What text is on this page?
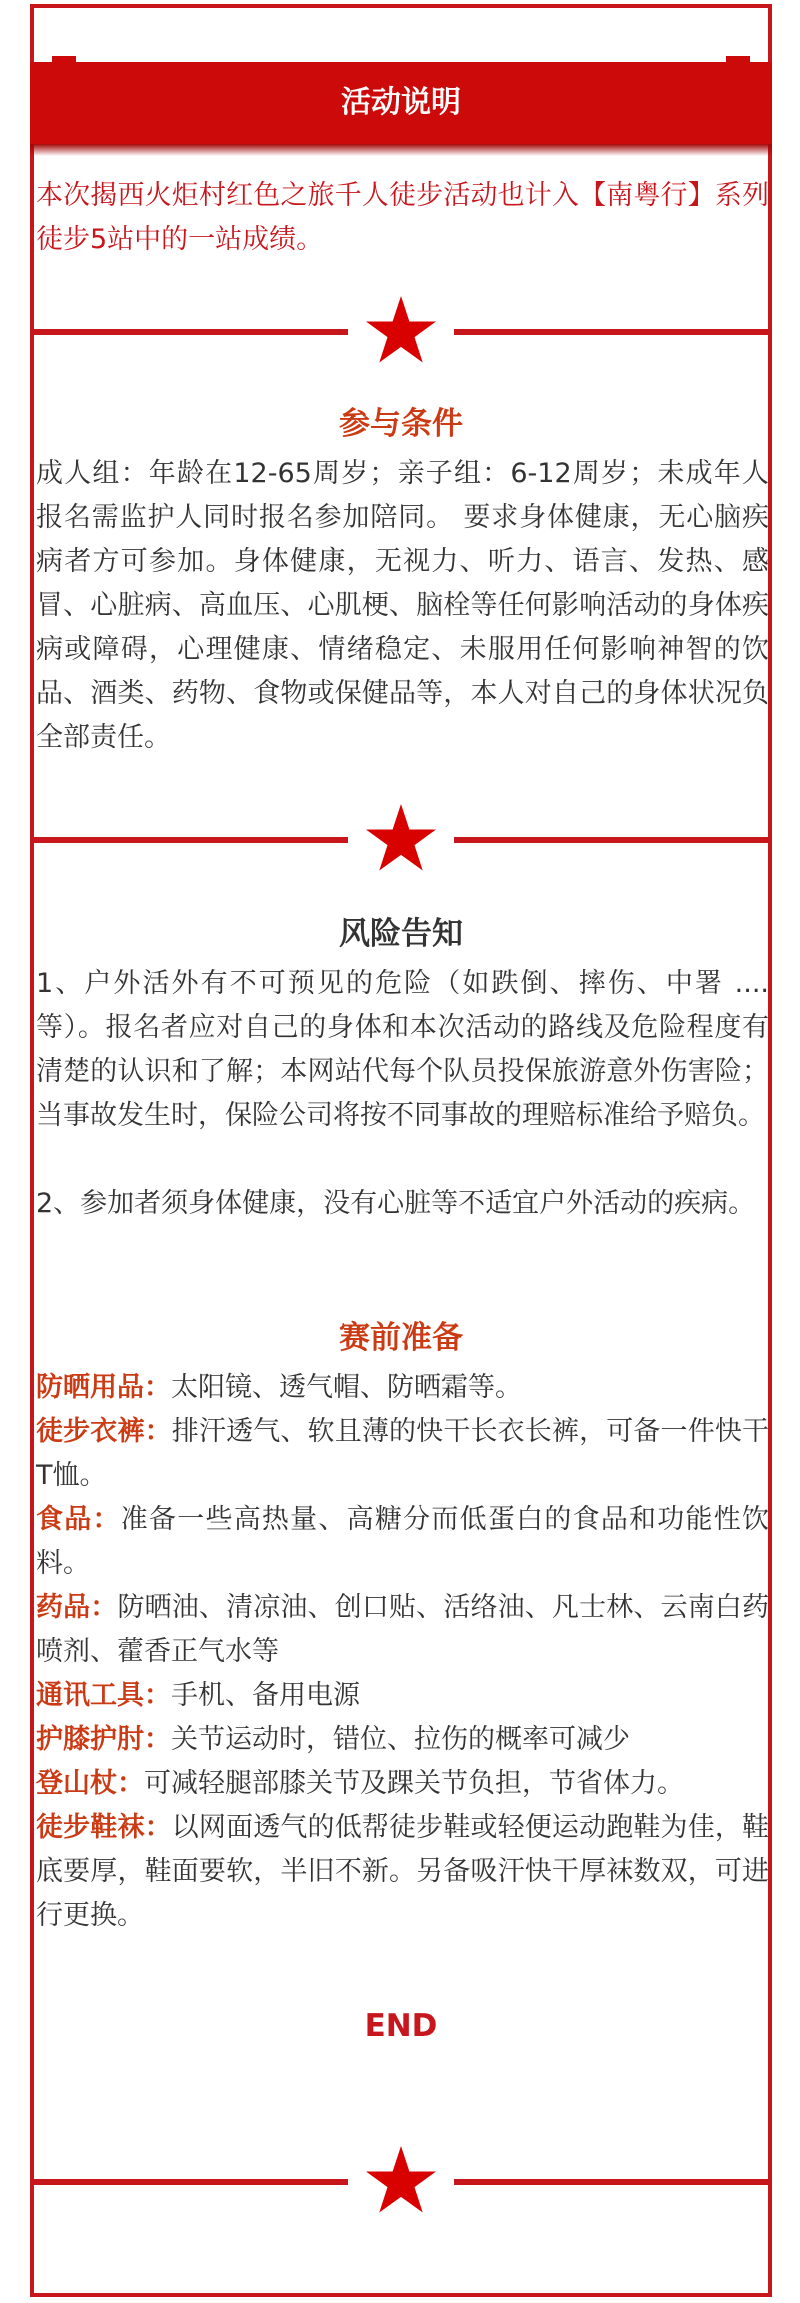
活动说明

本次揭西火炬村红色之旅千人徒步活动也计入【南粤行】系列徒步5站中的一站成绩。

参与条件

成人组：年龄在12-65周岁；亲子组：6-12周岁；未成年人报名需监护人同时报名参加陪同。 要求身体健康，无心脑疾病者方可参加。身体健康，无视力、听力、语言、发热、感冒、心脏病、高血压、心肌梗、脑栓等任何影响活动的身体疾病或障碍，心理健康、情绪稳定、未服用任何影响神智的饮品、酒类、药物、食物或保健品等，本人对自己的身体状况负全部责任。

风险告知

1、户外活外有不可预见的危险（如跌倒、摔伤、中署 ....等）。报名者应对自己的身体和本次活动的路线及危险程度有清楚的认识和了解；本网站代每个队员投保旅游意外伤害险；当事故发生时，保险公司将按不同事故的理赔标准给予赔负。

2、参加者须身体健康，没有心脏等不适宜户外活动的疾病。

赛前准备
防晒用品：太阳镜、透气帽、防晒霜等。
徒步衣裤：排汗透气、软且薄的快干长衣长裤，可备一件快干T恤。
食品：准备一些高热量、高糖分而低蛋白的食品和功能性饮料。
药品：防晒油、清凉油、创口贴、活络油、凡士林、云南白药喷剂、藿香正气水等
通讯工具：手机、备用电源
护膝护肘：关节运动时，错位、拉伤的概率可减少
登山杖：可减轻腿部膝关节及踝关节负担，节省体力。
徒步鞋袜：以网面透气的低帮徒步鞋或轻便运动跑鞋为佳，鞋底要厚，鞋面要软，半旧不新。另备吸汗快干厚袜数双，可进行更换。
END
